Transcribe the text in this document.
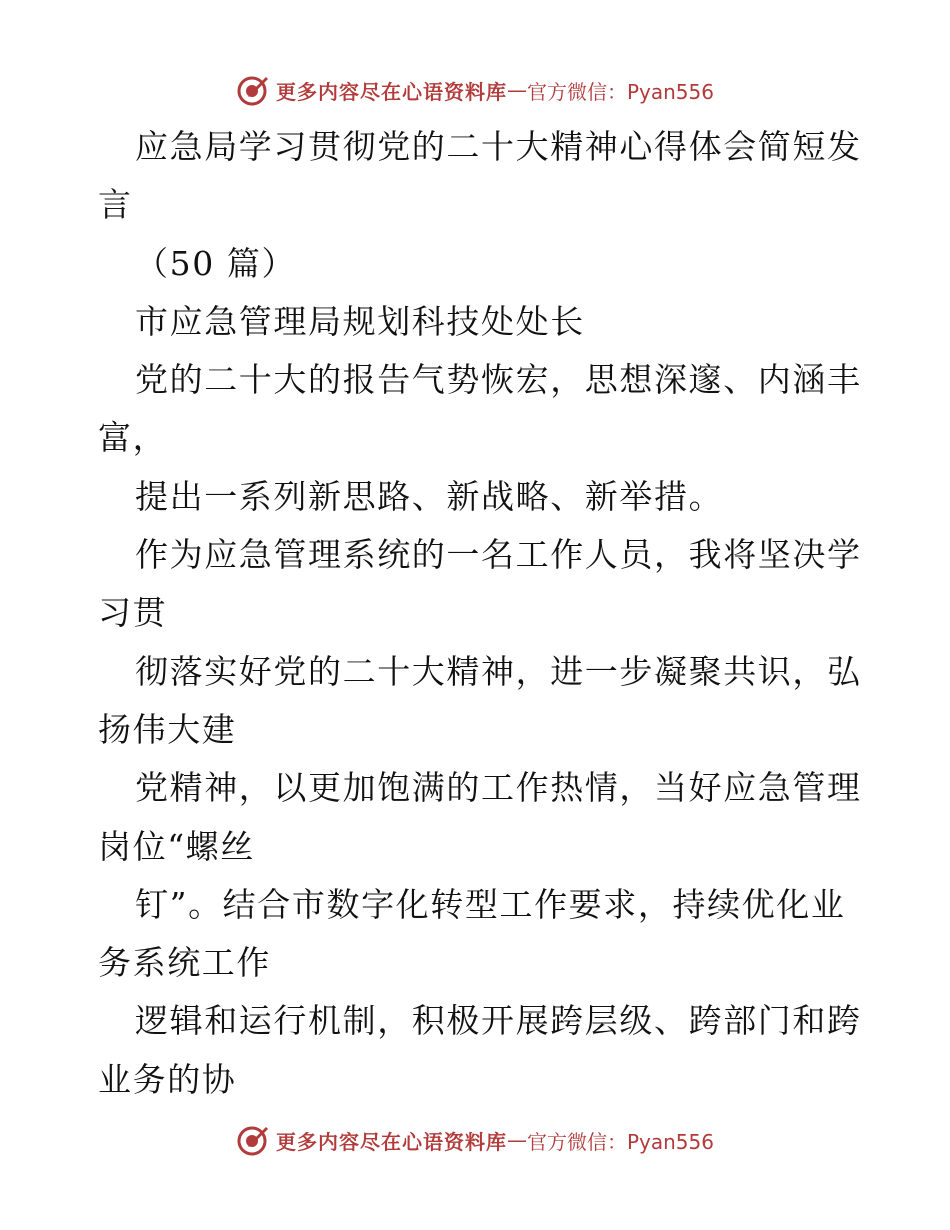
更多内容尽在心语资料库 — 官方微信：Pyan556
应急局学习贯彻党的二十大精神心得体会简短发
言
（50 篇）
市应急管理局规划科技处处长
党的二十大的报告气势恢宏，思想深邃、内涵丰
富，
提出一系列新思路、新战略、新举措。
作为应急管理系统的一名工作人员，我将坚决学
习贯
彻落实好党的二十大精神，进一步凝聚共识，弘
扬伟大建
党精神，以更加饱满的工作热情，当好应急管理
岗位“螺丝
钉”。结合市数字化转型工作要求，持续优化业
务系统工作
逻辑和运行机制，积极开展跨层级、跨部门和跨
业务的协
更多内容尽在心语资料库 — 官方微信：Pyan556
